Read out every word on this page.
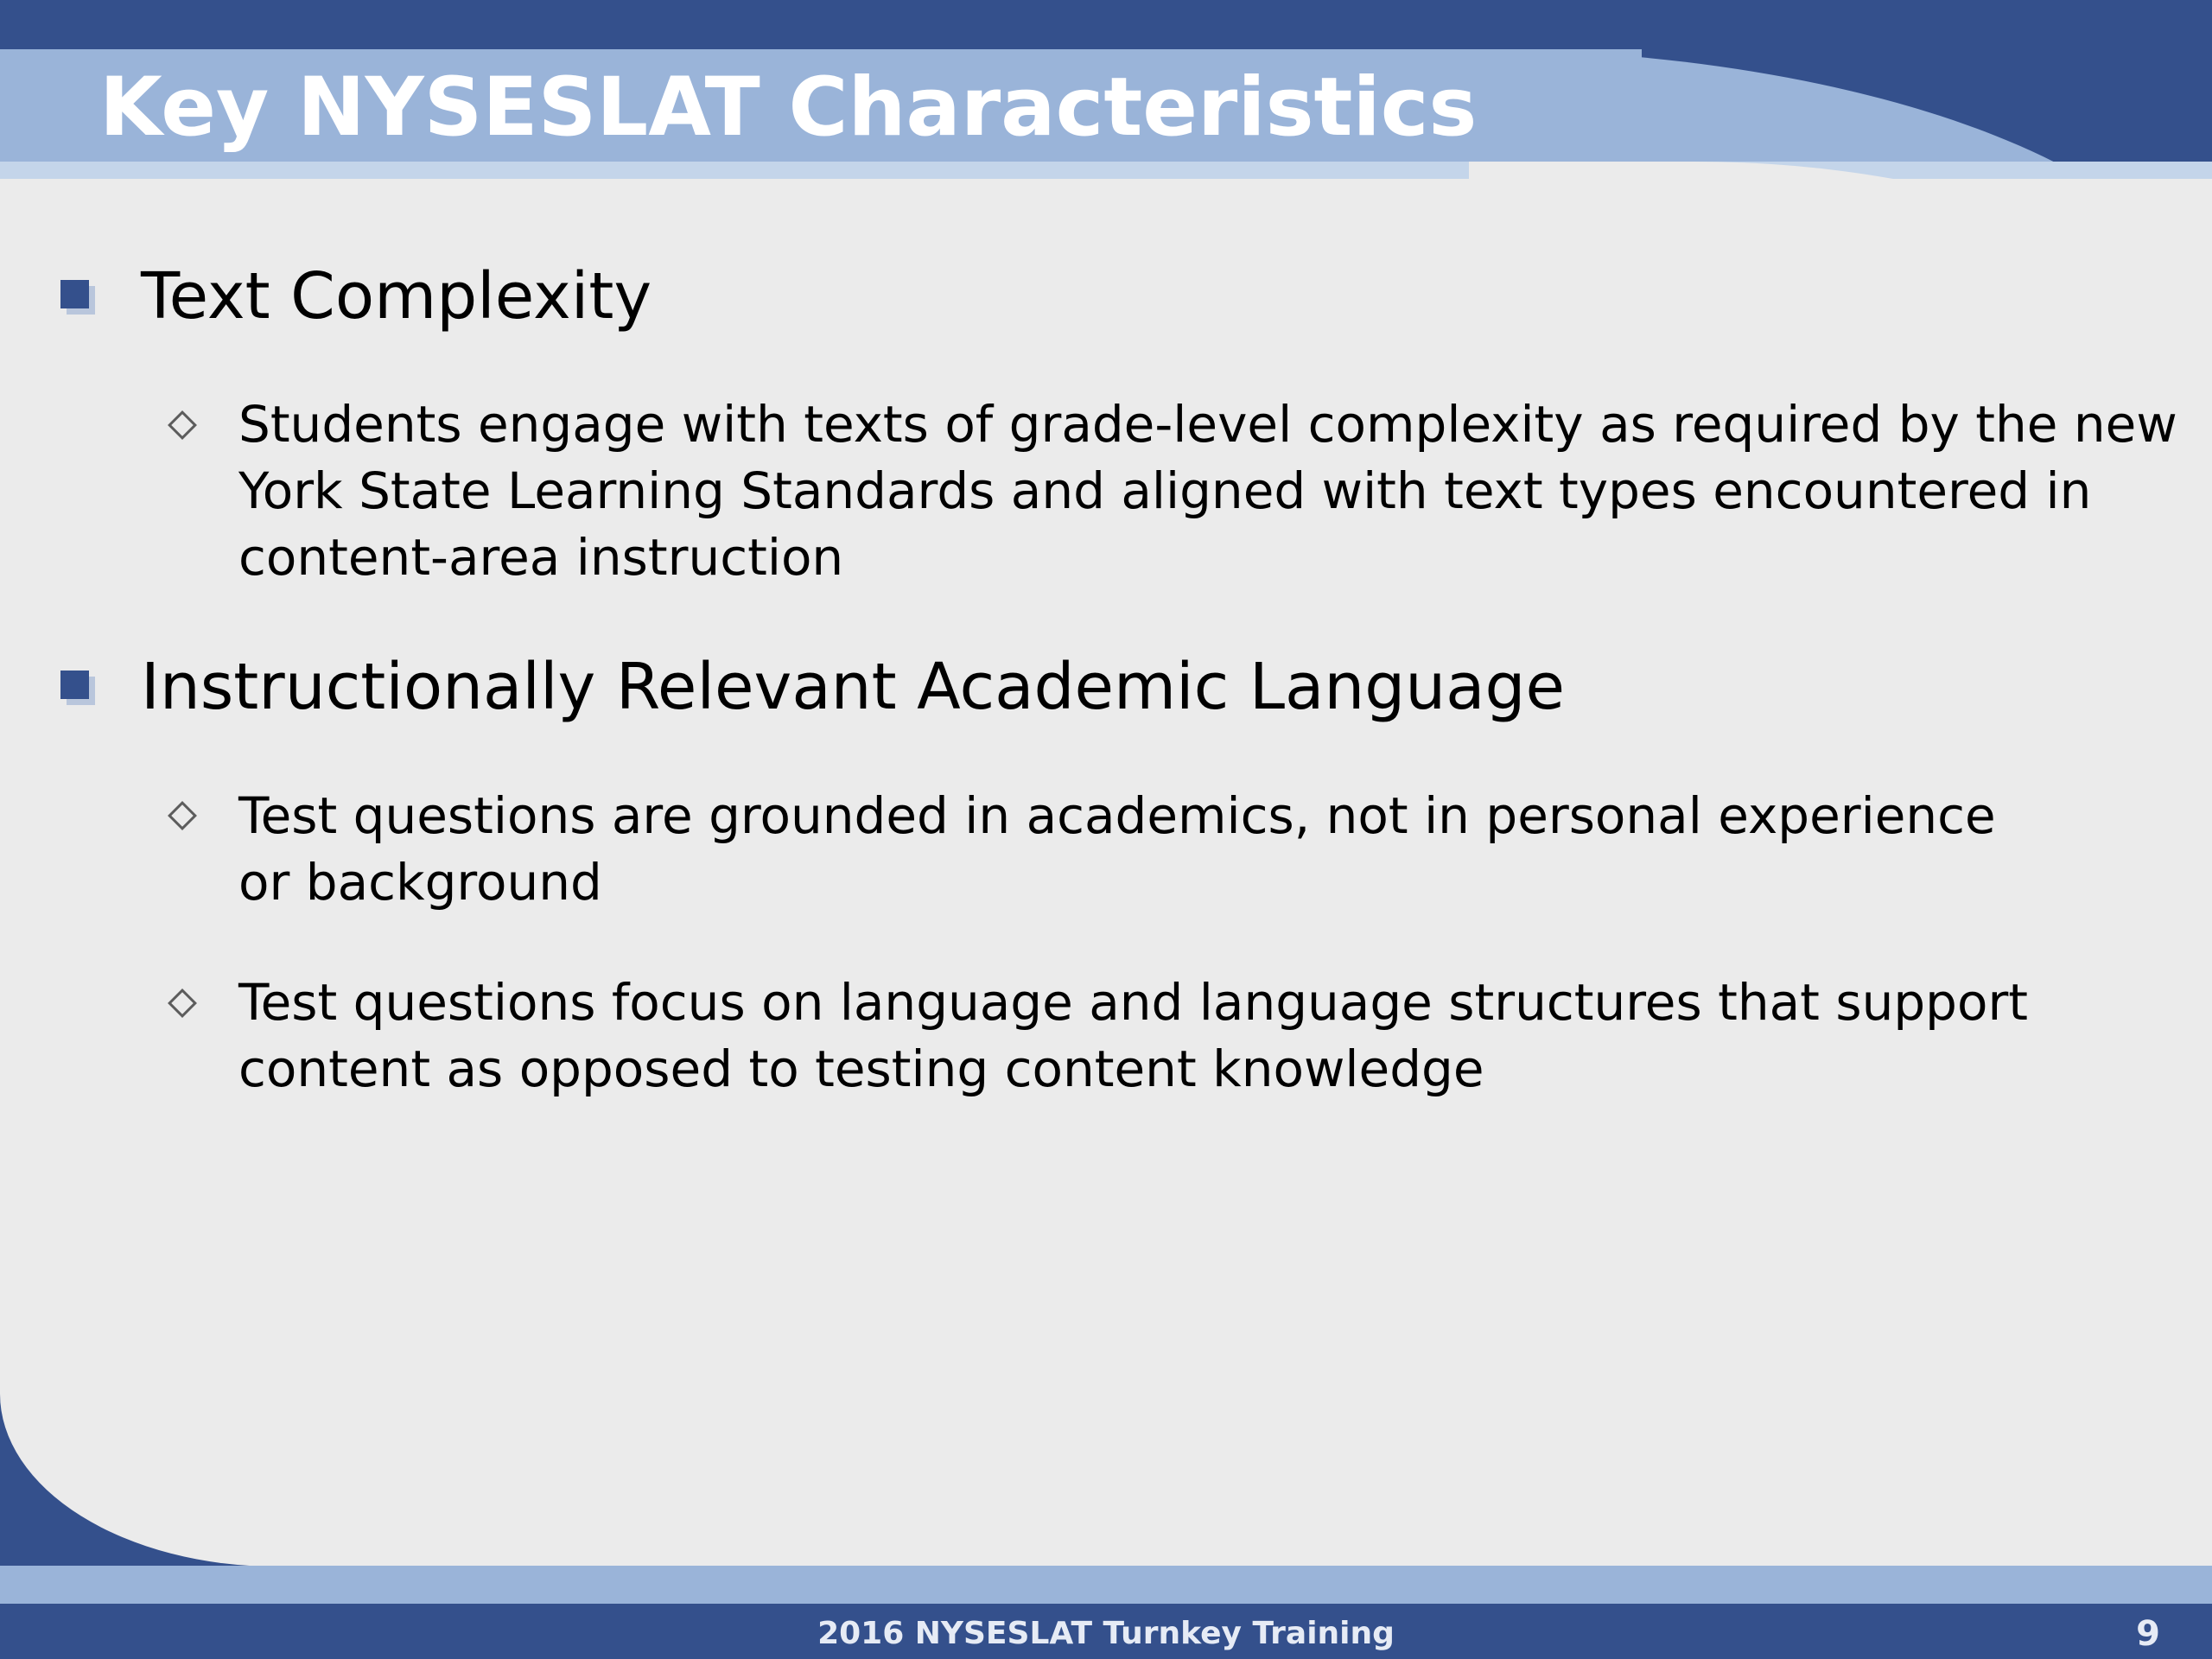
Key NYSESLAT Characteristics

Text Complexity

Students engage with texts of grade-level complexity as required by the new
York State Learning Standards and aligned with text types encountered in
content-area instruction

Instructionally Relevant Academic Language

Test questions are grounded in academics, not in personal experience
or background

Test questions focus on language and language structures that support
content as opposed to testing content knowledge

2016 NYSESLAT Turnkey Training	9
